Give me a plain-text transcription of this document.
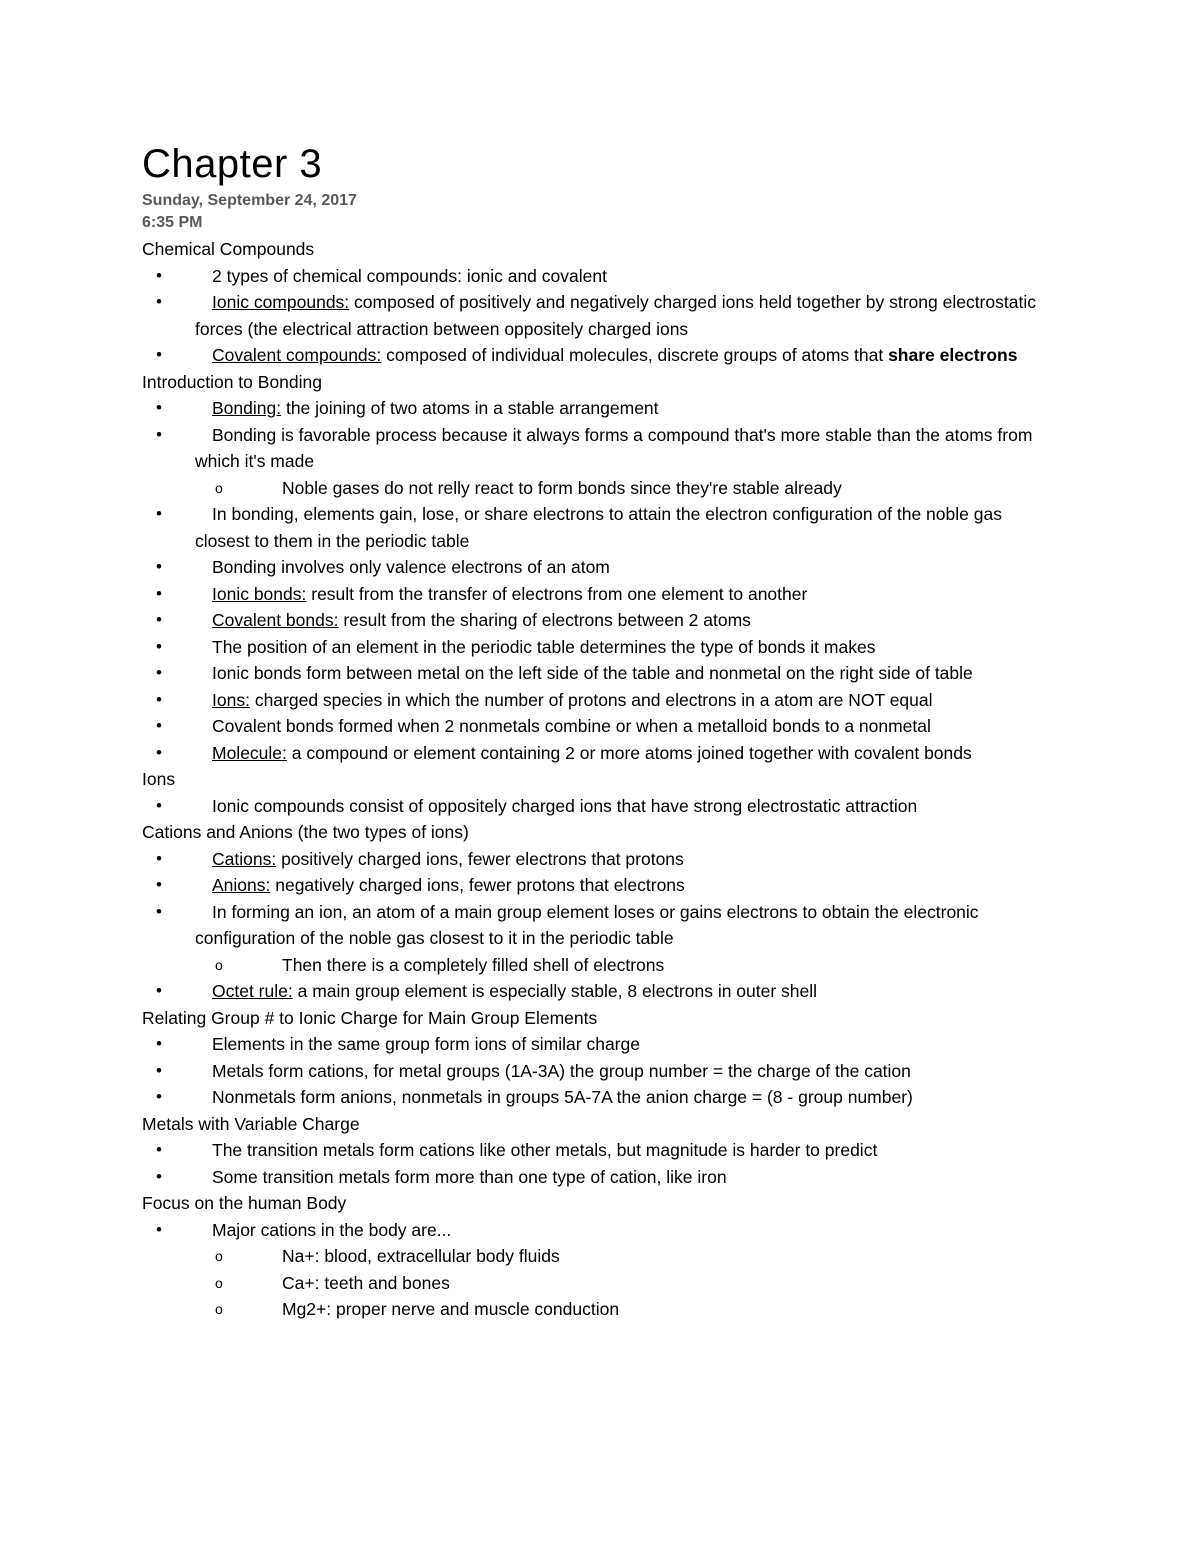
Chapter 3
Sunday, September 24, 2017
6:35 PM
Chemical Compounds
•	2 types of chemical compounds: ionic and covalent
•	Ionic compounds: composed of positively and negatively charged ions held together by strong electrostatic forces (the electrical attraction between oppositely charged ions
•	Covalent compounds: composed of individual molecules, discrete groups of atoms that share electrons
Introduction to Bonding
•	Bonding: the joining of two atoms in a stable arrangement
•	Bonding is favorable process because it always forms a compound that's more stable than the atoms from which it's made
o	Noble gases do not relly react to form bonds since they're stable already
•	In bonding, elements gain, lose, or share electrons to attain the electron configuration of the noble gas closest to them in the periodic table
•	Bonding involves only valence electrons of an atom
•	Ionic bonds: result from the transfer of electrons from one element to another
•	Covalent bonds: result from the sharing of electrons between 2 atoms
•	The position of an element in the periodic table determines the type of bonds it makes
•	Ionic bonds form between metal on the left side of the table and nonmetal on the right side of table
•	Ions: charged species in which the number of protons and electrons in a atom are NOT equal
•	Covalent bonds formed when 2 nonmetals combine or when a metalloid bonds to a nonmetal
•	Molecule: a compound or element containing 2 or more atoms joined together with covalent bonds
Ions
•	Ionic compounds consist of oppositely charged ions that have strong electrostatic attraction
Cations and Anions (the two types of ions)
•	Cations: positively charged ions, fewer electrons that protons
•	Anions: negatively charged ions, fewer protons that electrons
•	In forming an ion, an atom of a main group element loses or gains electrons to obtain the electronic configuration of the noble gas closest to it in the periodic table
o	Then there is a completely filled shell of electrons
•	Octet rule: a main group element is especially stable, 8 electrons in outer shell
Relating Group # to Ionic Charge for Main Group Elements
•	Elements in the same group form ions of similar charge
•	Metals form cations, for metal groups (1A-3A) the group number = the charge of the cation
•	Nonmetals form anions, nonmetals in groups 5A-7A the anion charge = (8 - group number)
Metals with Variable Charge
•	The transition metals form cations like other metals, but magnitude is harder to predict
•	Some transition metals form more than one type of cation, like iron
Focus on the human Body
•	Major cations in the body are...
o	Na+: blood, extracellular body fluids
o	Ca+: teeth and bones
o	Mg2+: proper nerve and muscle conduction
